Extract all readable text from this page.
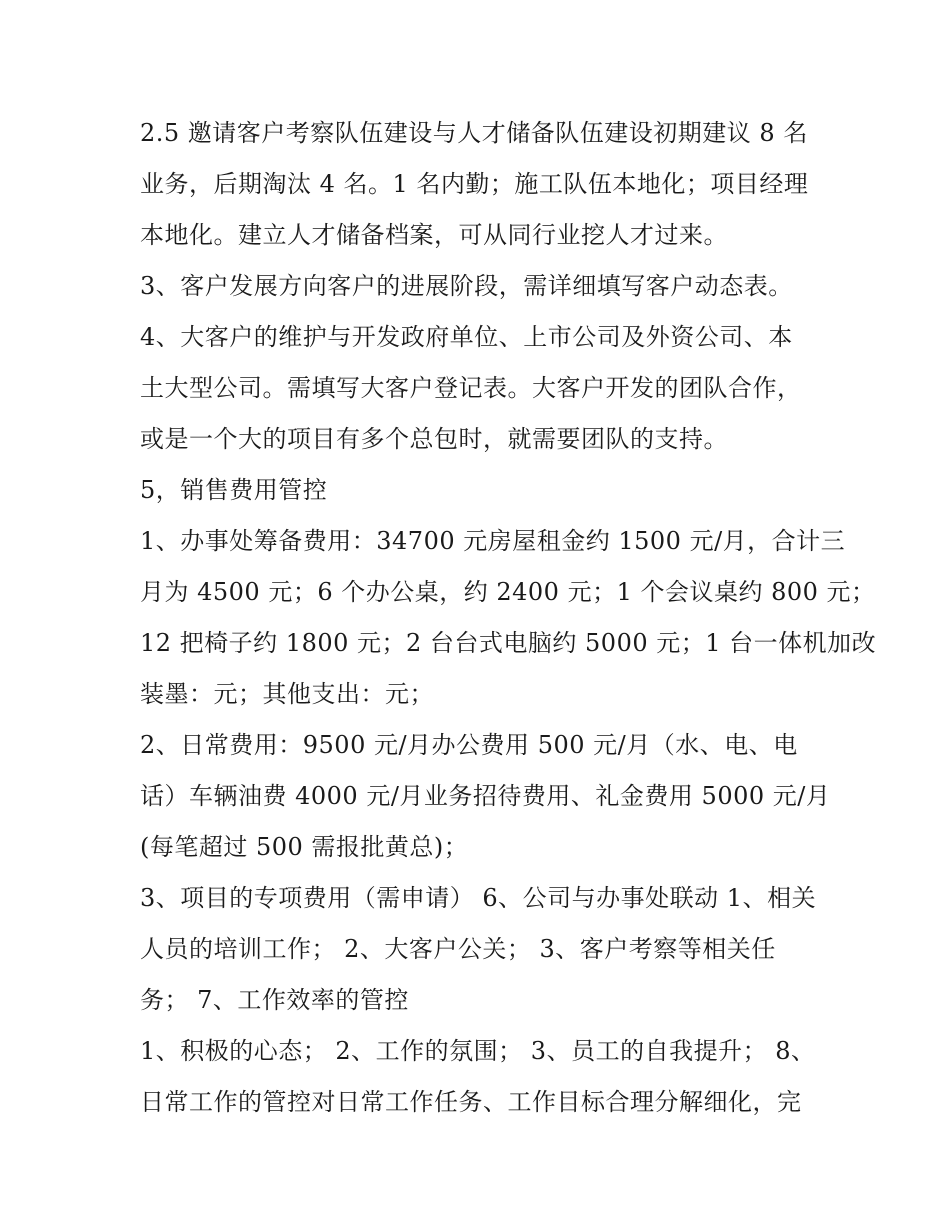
2.5 邀请客户考察队伍建设与人才储备队伍建设初期建议 8 名
业务，后期淘汰 4 名。1 名内勤；施工队伍本地化；项目经理
本地化。建立人才储备档案，可从同行业挖人才过来。
3、客户发展方向客户的进展阶段，需详细填写客户动态表。
4、大客户的维护与开发政府单位、上市公司及外资公司、本
土大型公司。需填写大客户登记表。大客户开发的团队合作，
或是一个大的项目有多个总包时，就需要团队的支持。
5，销售费用管控
1、办事处筹备费用：34700 元房屋租金约 1500 元/月，合计三
月为 4500 元；6 个办公桌，约 2400 元；1 个会议桌约 800 元；
12 把椅子约 1800 元；2 台台式电脑约 5000 元；1 台一体机加改
装墨：元；其他支出：元；
2、日常费用：9500 元/月办公费用 500 元/月（水、电、电
话）车辆油费 4000 元/月业务招待费用、礼金费用 5000 元/月
(每笔超过 500 需报批黄总)；
3、项目的专项费用（需申请） 6、公司与办事处联动 1、相关
人员的培训工作； 2、大客户公关； 3、客户考察等相关任
务； 7、工作效率的管控
1、积极的心态； 2、工作的氛围； 3、员工的自我提升； 8、
日常工作的管控对日常工作任务、工作目标合理分解细化，完
